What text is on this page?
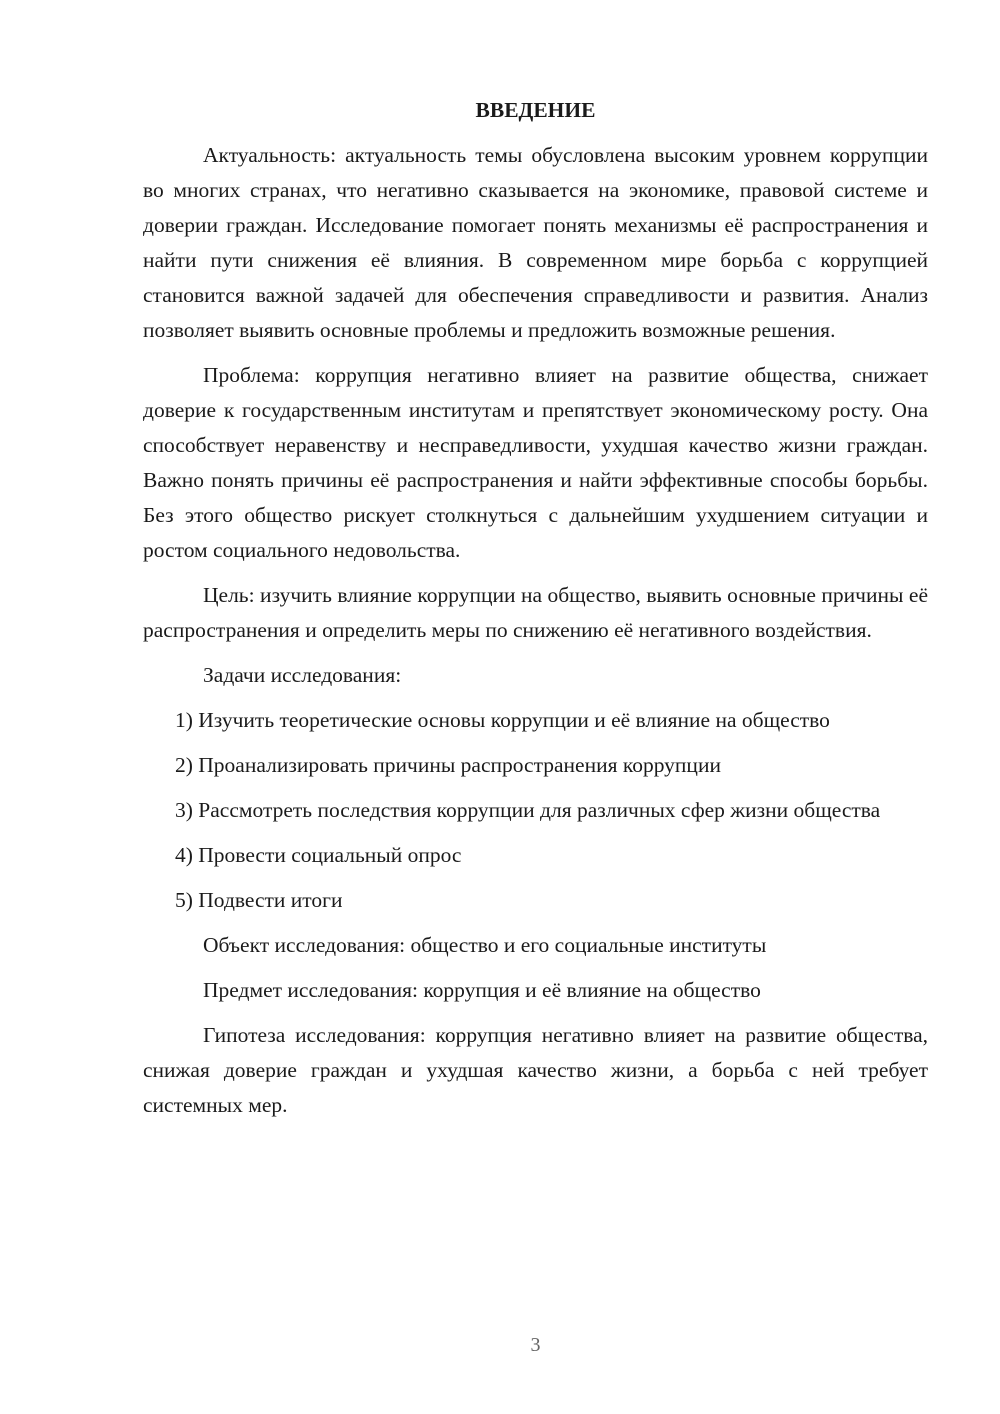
ВВЕДЕНИЕ

Актуальность: актуальность темы обусловлена высоким уровнем коррупции во многих странах, что негативно сказывается на экономике, правовой системе и доверии граждан. Исследование помогает понять механизмы её распространения и найти пути снижения её влияния. В современном мире борьба с коррупцией становится важной задачей для обеспечения справедливости и развития. Анализ позволяет выявить основные проблемы и предложить возможные решения.

Проблема: коррупция негативно влияет на развитие общества, снижает доверие к государственным институтам и препятствует экономическому росту. Она способствует неравенству и несправедливости, ухудшая качество жизни граждан. Важно понять причины её распространения и найти эффективные способы борьбы. Без этого общество рискует столкнуться с дальнейшим ухудшением ситуации и ростом социального недовольства.

Цель: изучить влияние коррупции на общество, выявить основные причины её распространения и определить меры по снижению её негативного воздействия.

Задачи исследования:

1) Изучить теоретические основы коррупции и её влияние на общество
2) Проанализировать причины распространения коррупции
3) Рассмотреть последствия коррупции для различных сфер жизни общества
4) Провести социальный опрос
5) Подвести итоги

Объект исследования: общество и его социальные институты

Предмет исследования: коррупция и её влияние на общество

Гипотеза исследования: коррупция негативно влияет на развитие общества, снижая доверие граждан и ухудшая качество жизни, а борьба с ней требует системных мер.

3
